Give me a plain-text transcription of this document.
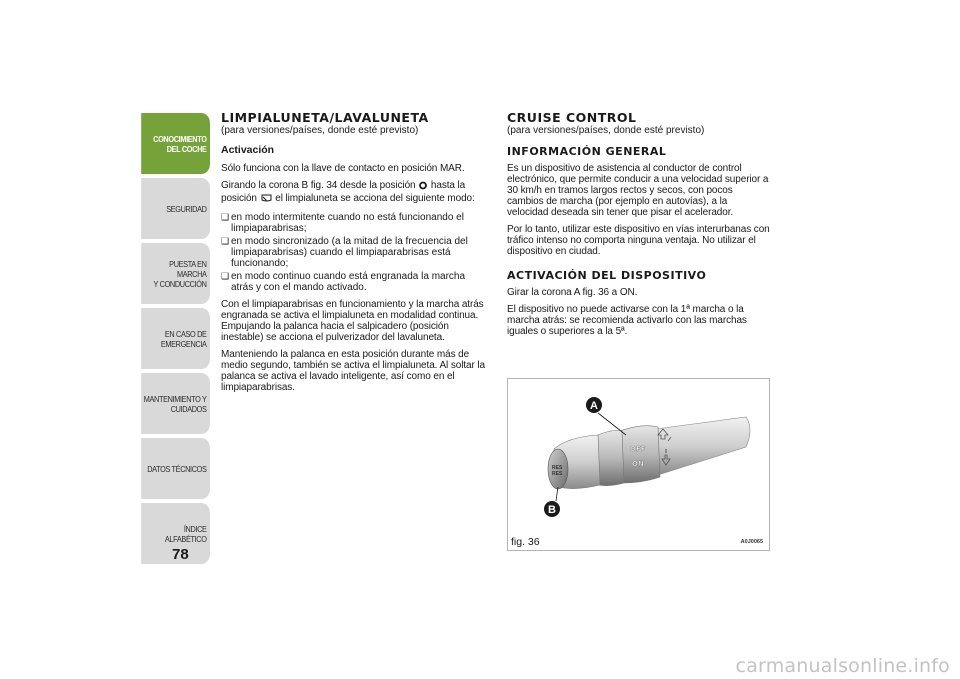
CONOCIMIENTO
DEL COCHE
SEGURIDAD
PUESTA EN MARCHA
Y CONDUCCIÓN
EN CASO DE
EMERGENCIA
MANTENIMIENTO Y
CUIDADOS
DATOS TÉCNICOS
ÍNDICE ALFABÉTICO
78
LIMPIALUNETA/LAVALUNETA
(para versiones/países, donde esté previsto)
Activación

Sólo funciona con la llave de contacto en posición MAR.

Girando la corona B fig. 34 desde la posición hasta la posición el limpialuneta se acciona del siguiente modo:

❑ en modo intermitente cuando no está funcionando el limpiaparabrisas;
❑ en modo sincronizado (a la mitad de la frecuencia del limpiaparabrisas) cuando el limpiaparabrisas está funcionando;
❑ en modo continuo cuando está engranada la marcha atrás y con el mando activado.

Con el limpiaparabrisas en funcionamiento y la marcha atrás engranada se activa el limpialuneta en modalidad continua. Empujando la palanca hacia el salpicadero (posición inestable) se acciona el pulverizador del lavaluneta.

Manteniendo la palanca en esta posición durante más de medio segundo, también se activa el limpialuneta. Al soltar la palanca se activa el lavado inteligente, así como en el limpiaparabrisas.

CRUISE CONTROL
(para versiones/países, donde esté previsto)
INFORMACIÓN GENERAL

Es un dispositivo de asistencia al conductor de control electrónico, que permite conducir a una velocidad superior a 30 km/h en tramos largos rectos y secos, con pocos cambios de marcha (por ejemplo en autovías), a la velocidad deseada sin tener que pisar el acelerador.

Por lo tanto, utilizar este dispositivo en vías interurbanas con tráfico intenso no comporta ninguna ventaja. No utilizar el dispositivo en ciudad.

ACTIVACIÓN DEL DISPOSITIVO

Girar la corona A fig. 36 a ON.

El dispositivo no puede activarse con la 1ª marcha o la marcha atrás: se recomienda activarlo con las marchas iguales o superiores a la 5ª.

RES
RES
OFF
ON
A
B
fig. 36	A0J0065
carmanualsonline.info
